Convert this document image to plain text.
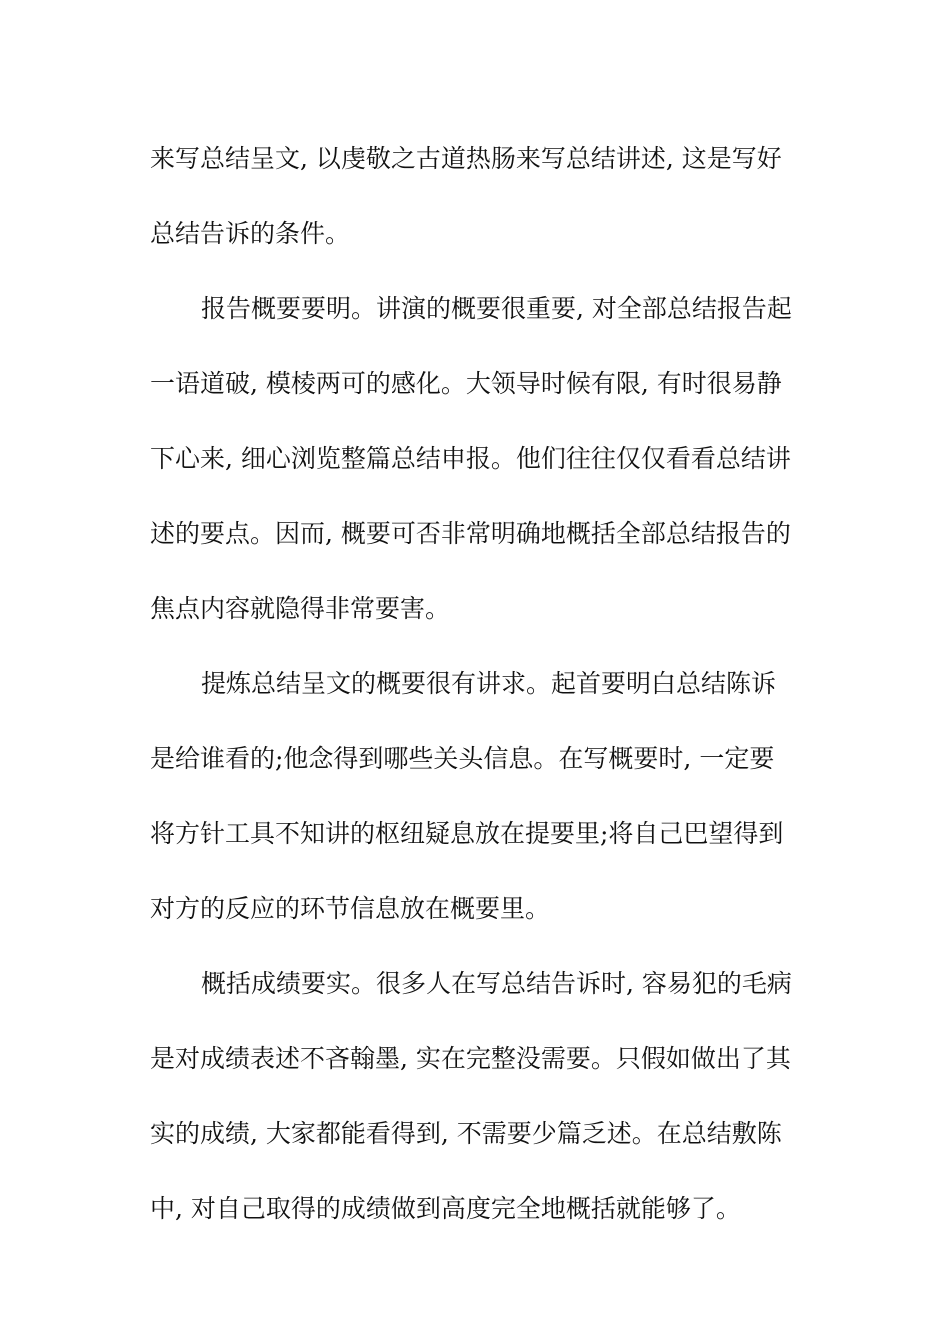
来写总结呈文, 以虔敬之古道热肠来写总结讲述, 这是写好
总结告诉的条件。
报告概要要明。讲演的概要很重要, 对全部总结报告起
一语道破, 模棱两可的感化。大领导时候有限, 有时很易静
下心来, 细心浏览整篇总结申报。他们往往仅仅看看总结讲
述的要点。因而, 概要可否非常明确地概括全部总结报告的
焦点内容就隐得非常要害。
提炼总结呈文的概要很有讲求。起首要明白总结陈诉
是给谁看的;他念得到哪些关头信息。在写概要时, 一定要
将方针工具不知讲的枢纽疑息放在提要里;将自己巴望得到
对方的反应的环节信息放在概要里。
概括成绩要实。很多人在写总结告诉时, 容易犯的毛病
是对成绩表述不吝翰墨, 实在完整没需要。只假如做出了其
实的成绩, 大家都能看得到, 不需要少篇乏述。在总结敷陈
中, 对自己取得的成绩做到高度完全地概括就能够了。
